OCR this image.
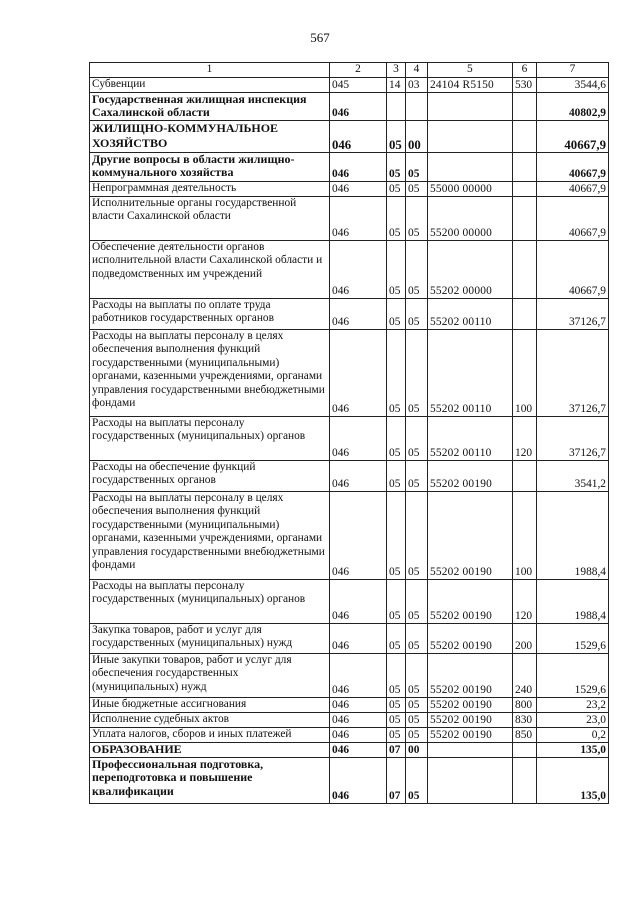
567
1	2	3	4	5	6	7
Субвенции	045	14	03	24104 R5150	530	3544,6
Государственная жилищная инспекция Сахалинской области	046					40802,9
ЖИЛИЩНО-КОММУНАЛЬНОЕ ХОЗЯЙСТВО	046	05	00			40667,9
Другие вопросы в области жилищно-коммунального хозяйства	046	05	05			40667,9
Непрограммная деятельность	046	05	05	55000 00000		40667,9
Исполнительные органы государственной власти Сахалинской области	046	05	05	55200 00000		40667,9
Обеспечение деятельности органов исполнительной власти Сахалинской области и подведомственных им учреждений	046	05	05	55202 00000		40667,9
Расходы на выплаты по оплате труда работников государственных органов	046	05	05	55202 00110		37126,7
Расходы на выплаты персоналу в целях обеспечения выполнения функций государственными (муниципальными) органами, казенными учреждениями, органами управления государственными внебюджетными фондами	046	05	05	55202 00110	100	37126,7
Расходы на выплаты персоналу государственных (муниципальных) органов	046	05	05	55202 00110	120	37126,7
Расходы на обеспечение функций государственных органов	046	05	05	55202 00190		3541,2
Расходы на выплаты персоналу в целях обеспечения выполнения функций государственными (муниципальными) органами, казенными учреждениями, органами управления государственными внебюджетными фондами	046	05	05	55202 00190	100	1988,4
Расходы на выплаты персоналу государственных (муниципальных) органов	046	05	05	55202 00190	120	1988,4
Закупка товаров, работ и услуг для государственных (муниципальных) нужд	046	05	05	55202 00190	200	1529,6
Иные закупки товаров, работ и услуг для обеспечения государственных (муниципальных) нужд	046	05	05	55202 00190	240	1529,6
Иные бюджетные ассигнования	046	05	05	55202 00190	800	23,2
Исполнение судебных актов	046	05	05	55202 00190	830	23,0
Уплата налогов, сборов и иных платежей	046	05	05	55202 00190	850	0,2
ОБРАЗОВАНИЕ	046	07	00			135,0
Профессиональная подготовка, переподготовка и повышение квалификации	046	07	05			135,0
